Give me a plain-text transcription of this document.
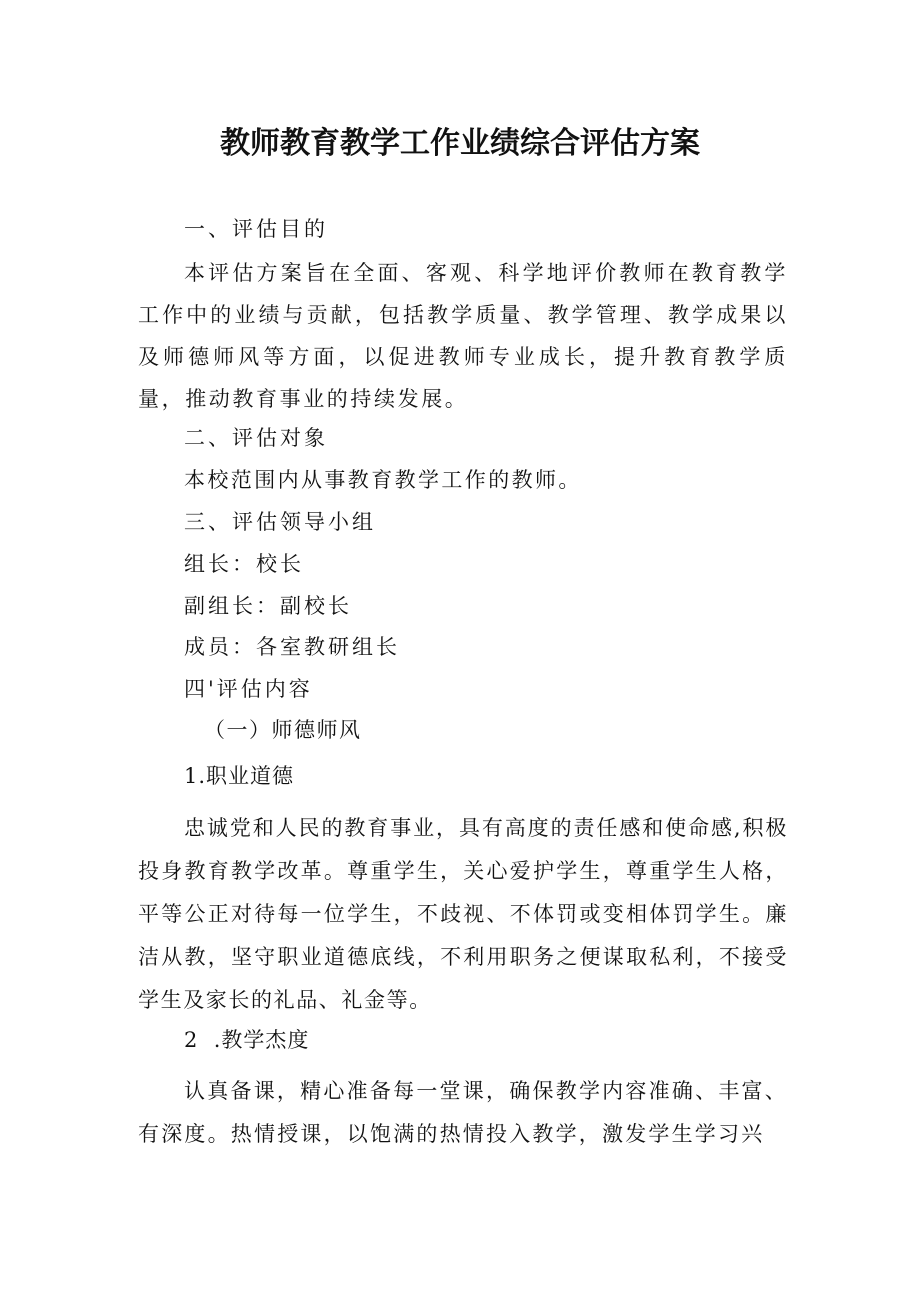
教师教育教学工作业绩综合评估方案

一、评估目的

本评估方案旨在全面、客观、科学地评价教师在教育教学工作中的业绩与贡献，包括教学质量、教学管理、教学成果以及师德师风等方面，以促进教师专业成长，提升教育教学质量，推动教育事业的持续发展。

二、评估对象

本校范围内从事教育教学工作的教师。

三、评估领导小组

组长：校长

副组长：副校长

成员：各室教研组长

四'评估内容

（一）师德师风

1.职业道德

忠诚党和人民的教育事业，具有高度的责任感和使命感,积极投身教育教学改革。尊重学生，关心爱护学生，尊重学生人格，平等公正对待每一位学生，不歧视、不体罚或变相体罚学生。廉洁从教，坚守职业道德底线，不利用职务之便谋取私利，不接受学生及家长的礼品、礼金等。

2  .教学杰度

认真备课，精心准备每一堂课，确保教学内容准确、丰富、有深度。热情授课，以饱满的热情投入教学，激发学生学习兴
